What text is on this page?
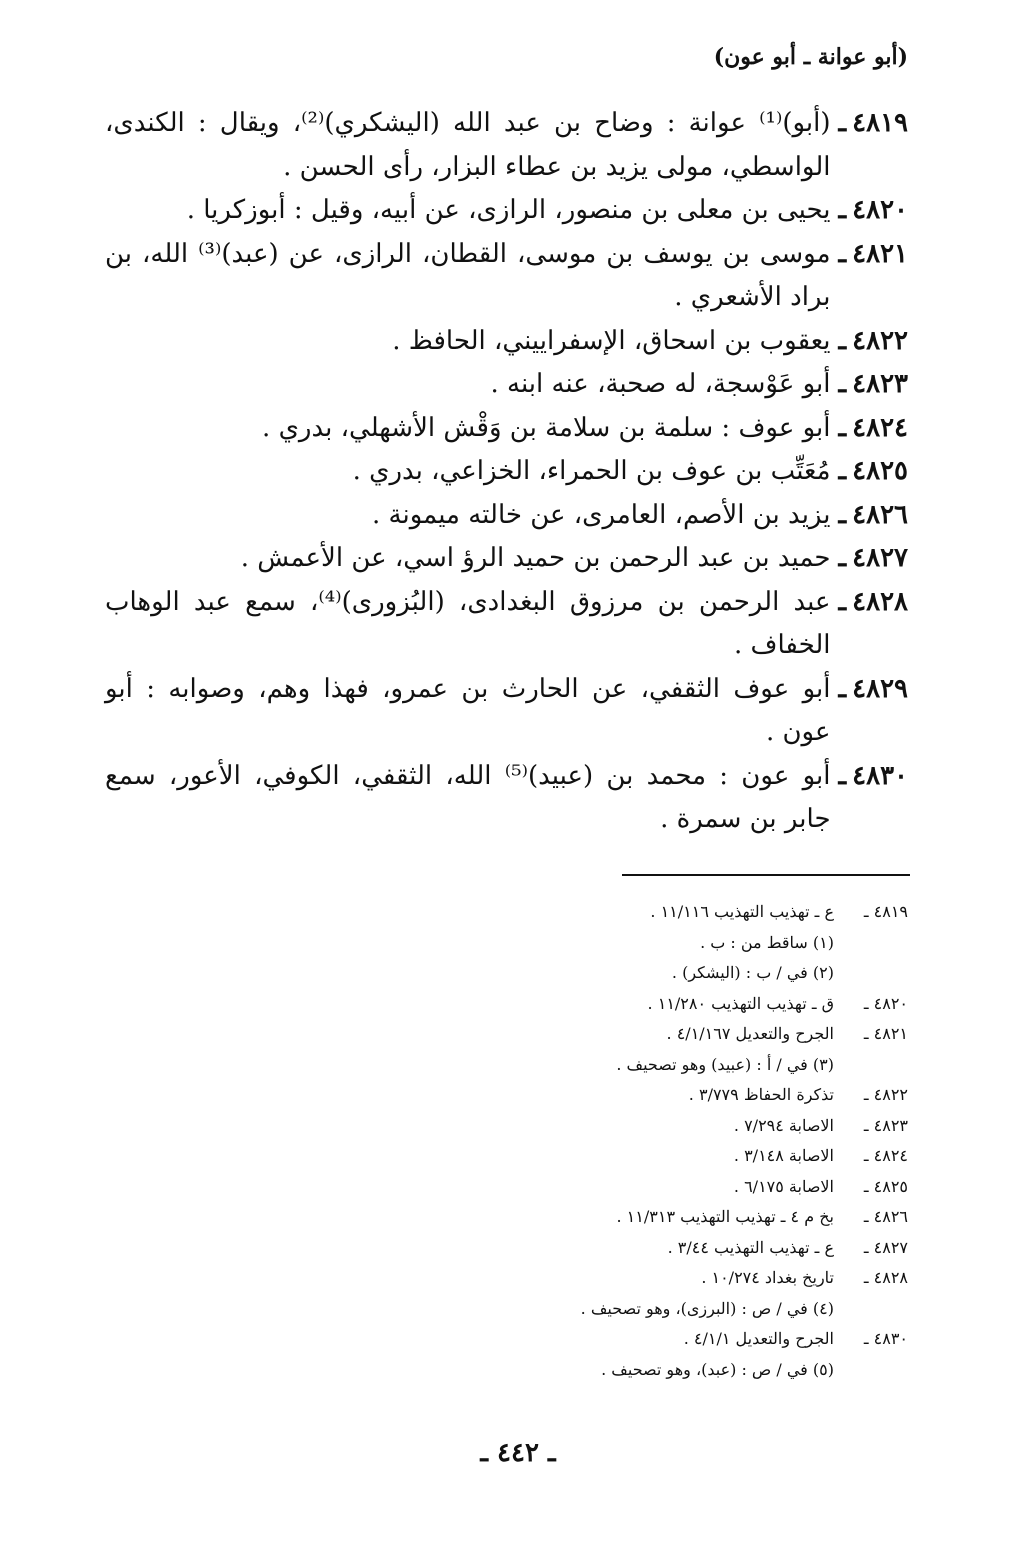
(أبو عوانة ـ أبو عون)
٤٨١٩ـ
(أبو)⁽¹⁾ عوانة : وضاح بن عبد الله (اليشكري)⁽²⁾، ويقال : الكندى، الواسطي، مولى يزيد بن عطاء البزار، رأى الحسن .
٤٨٢٠ـ
يحيى بن معلى بن منصور، الرازى، عن أبيه، وقيل : أبوزكريا .
٤٨٢١ـ
موسى بن يوسف بن موسى، القطان، الرازى، عن (عبد)⁽³⁾ الله، بن براد الأشعري .
٤٨٢٢ـ
يعقوب بن اسحاق، الإسفراييني، الحافظ .
٤٨٢٣ـ
أبو عَوْسجة، له صحبة، عنه ابنه .
٤٨٢٤ـ
أبو عوف : سلمة بن سلامة بن وَقْش الأشهلي، بدري .
٤٨٢٥ـ
مُعَتِّب بن عوف بن الحمراء، الخزاعي، بدري .
٤٨٢٦ـ
يزيد بن الأصم، العامرى، عن خالته ميمونة .
٤٨٢٧ـ
حميد بن عبد الرحمن بن حميد الرؤ اسي، عن الأعمش .
٤٨٢٨ـ
عبد الرحمن بن مرزوق البغدادى، (البُزورى)⁽⁴⁾، سمع عبد الوهاب الخفاف .
٤٨٢٩ـ
أبو عوف الثقفي، عن الحارث بن عمرو، فهذا وهم، وصوابه : أبو عون .
٤٨٣٠ـ
أبو عون : محمد بن (عبيد)⁽⁵⁾ الله، الثقفي، الكوفي، الأعور، سمع جابر بن سمرة .
٤٨١٩ ـ
ع ـ تهذيب التهذيب ١١/١١٦ .
(١) ساقط من : ب .
(٢) في / ب : (اليشكر) .
٤٨٢٠ ـ
ق ـ تهذيب التهذيب ١١/٢٨٠ .
٤٨٢١ ـ
الجرح والتعديل ٤/١/١٦٧ .
(٣) في / أ : (عبيد) وهو تصحيف .
٤٨٢٢ ـ
تذكرة الحفاظ ٣/٧٧٩ .
٤٨٢٣ ـ
الاصابة ٧/٢٩٤ .
٤٨٢٤ ـ
الاصابة ٣/١٤٨ .
٤٨٢٥ ـ
الاصابة ٦/١٧٥ .
٤٨٢٦ ـ
بخ م ٤ ـ تهذيب التهذيب ١١/٣١٣ .
٤٨٢٧ ـ
ع ـ تهذيب التهذيب ٣/٤٤ .
٤٨٢٨ ـ
تاريخ بغداد ١٠/٢٧٤ .
(٤) في / ص : (البرزى)، وهو تصحيف .
٤٨٣٠ ـ
الجرح والتعديل ٤/١/١ .
(٥) في / ص : (عبد)، وهو تصحيف .
ـ ٤٤٢ ـ
